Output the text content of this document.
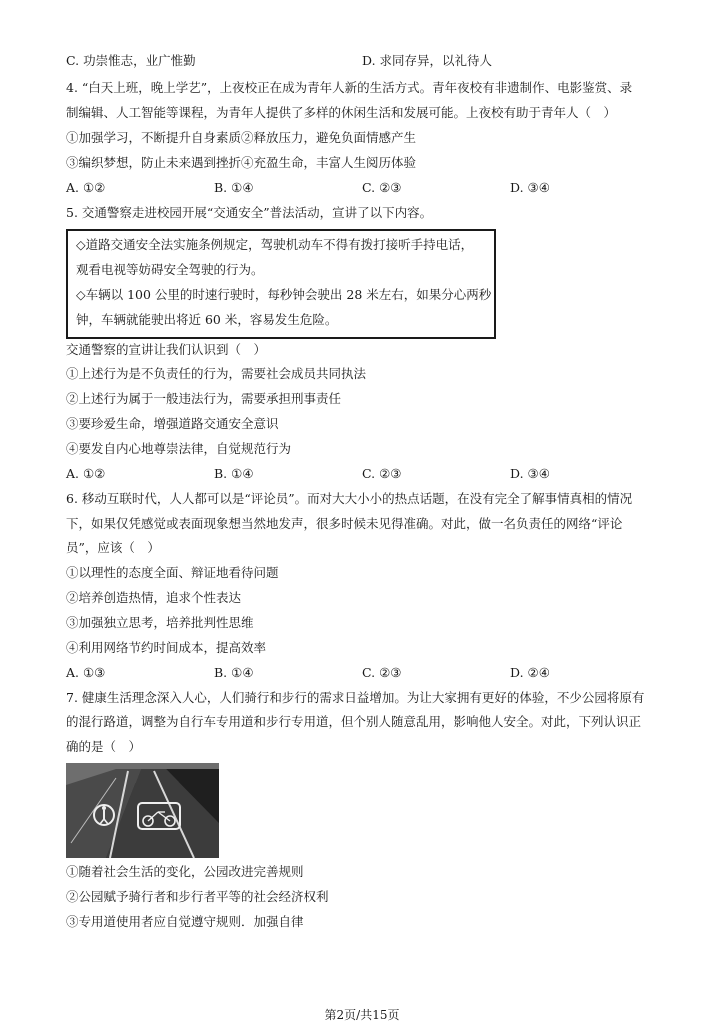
C. 功崇惟志，业广惟勤	D. 求同存异，以礼待人
4. “白天上班，晚上学艺”，上夜校正在成为青年人新的生活方式。青年夜校有非遗制作、电影鉴赏、录
制编辑、人工智能等课程，为青年人提供了多样的休闲生活和发展可能。上夜校有助于青年人（　）
①加强学习，不断提升自身素质②释放压力，避免负面情感产生
③编织梦想，防止未来遇到挫折④充盈生命，丰富人生阅历体验
A. ①②	B. ①④	C. ②③	D. ③④
5. 交通警察走进校园开展“交通安全”普法活动，宣讲了以下内容。
◇道路交通安全法实施条例规定，驾驶机动车不得有拨打接听手持电话，
观看电视等妨碍安全驾驶的行为。
◇车辆以 100 公里的时速行驶时，每秒钟会驶出 28 米左右，如果分心两秒
钟，车辆就能驶出将近 60 米，容易发生危险。
交通警察的宣讲让我们认识到（　）
①上述行为是不负责任的行为，需要社会成员共同执法
②上述行为属于一般违法行为，需要承担刑事责任
③要珍爱生命，增强道路交通安全意识
④要发自内心地尊崇法律，自觉规范行为
A. ①②	B. ①④	C. ②③	D. ③④
6. 移动互联时代，人人都可以是“评论员”。而对大大小小的热点话题，在没有完全了解事情真相的情况
下，如果仅凭感觉或表面现象想当然地发声，很多时候未见得准确。对此，做一名负责任的网络“评论
员”，应该（　）
①以理性的态度全面、辩证地看待问题
②培养创造热情，追求个性表达
③加强独立思考，培养批判性思维
④利用网络节约时间成本，提高效率
A. ①③	B. ①④	C. ②③	D. ②④
7. 健康生活理念深入人心，人们骑行和步行的需求日益增加。为让大家拥有更好的体验，不少公园将原有
的混行路道，调整为自行车专用道和步行专用道，但个别人随意乱用，影响他人安全。对此，下列认识正
确的是（　）
①随着社会生活的变化，公园改进完善规则
②公园赋予骑行者和步行者平等的社会经济权利
③专用道使用者应自觉遵守规则．加强自律
第2页/共15页
